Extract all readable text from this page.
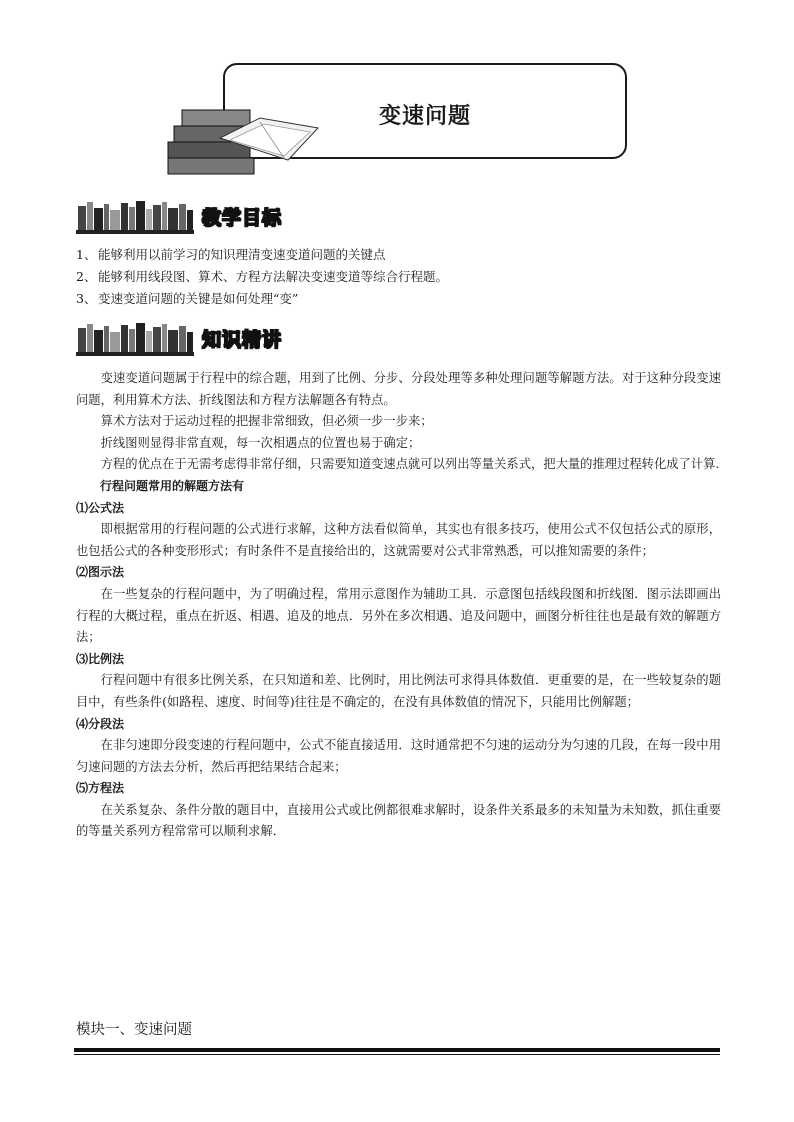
变速问题
教学目标
1、 能够利用以前学习的知识理清变速变道问题的关键点
2、 能够利用线段图、算术、方程方法解决变速变道等综合行程题。
3、 变速变道问题的关键是如何处理“变”
知识精讲

变速变道问题属于行程中的综合题，用到了比例、分步、分段处理等多种处理问题等解题方法。对于这种分段变速问题，利用算术方法、折线图法和方程方法解题各有特点。

算术方法对于运动过程的把握非常细致，但必须一步一步来；

折线图则显得非常直观，每一次相遇点的位置也易于确定；

方程的优点在于无需考虑得非常仔细，只需要知道变速点就可以列出等量关系式，把大量的推理过程转化成了计算.

行程问题常用的解题方法有

⑴公式法

即根据常用的行程问题的公式进行求解，这种方法看似简单，其实也有很多技巧，使用公式不仅包括公式的原形，也包括公式的各种变形形式；有时条件不是直接给出的，这就需要对公式非常熟悉，可以推知需要的条件；

⑵图示法

在一些复杂的行程问题中，为了明确过程，常用示意图作为辅助工具．示意图包括线段图和折线图．图示法即画出行程的大概过程，重点在折返、相遇、追及的地点．另外在多次相遇、追及问题中，画图分析往往也是最有效的解题方法；

⑶比例法

行程问题中有很多比例关系，在只知道和差、比例时，用比例法可求得具体数值．更重要的是，在一些较复杂的题目中，有些条件(如路程、速度、时间等)往往是不确定的，在没有具体数值的情况下，只能用比例解题；

⑷分段法

在非匀速即分段变速的行程问题中，公式不能直接适用．这时通常把不匀速的运动分为匀速的几段，在每一段中用匀速问题的方法去分析，然后再把结果结合起来；

⑸方程法

在关系复杂、条件分散的题目中，直接用公式或比例都很难求解时，设条件关系最多的未知量为未知数，抓住重要的等量关系列方程常常可以顺利求解．

模块一、变速问题
